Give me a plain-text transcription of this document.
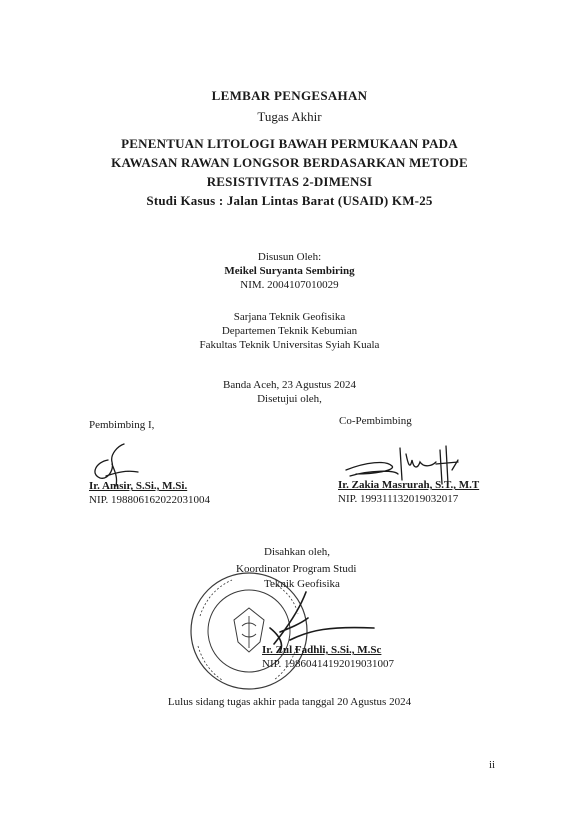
LEMBAR PENGESAHAN
Tugas Akhir
PENENTUAN LITOLOGI BAWAH PERMUKAAN PADA
KAWASAN RAWAN LONGSOR BERDASARKAN METODE
RESISTIVITAS 2-DIMENSI
Studi Kasus : Jalan Lintas Barat (USAID) KM-25
Disusun Oleh:
Meikel Suryanta Sembiring
NIM. 2004107010029
Sarjana Teknik Geofisika
Departemen Teknik Kebumian
Fakultas Teknik Universitas Syiah Kuala
Banda Aceh, 23 Agustus 2024
Disetujui oleh,
Pembimbing I,	Co-Pembimbing
Ir. Amsir, S.Si., M.Si.
NIP. 198806162022031004
Ir. Zakia Masrurah, S.T., M.T
NIP. 199311132019032017
Disahkan oleh,
Koordinator Program Studi
Teknik Geofisika
Ir. Zul Fadhli, S.Si., M.Sc
NIP. 19860414192019031007
Lulus sidang tugas akhir pada tanggal 20 Agustus 2024
ii
